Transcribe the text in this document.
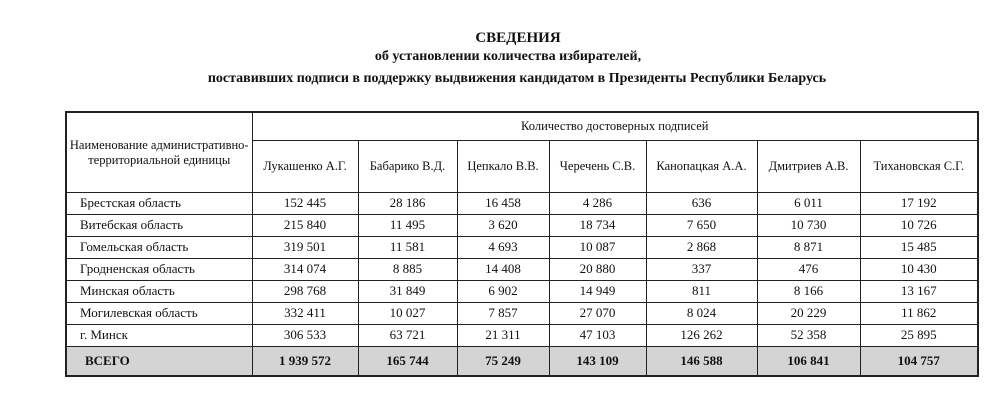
СВЕДЕНИЯ
об установлении количества избирателей,
поставивших подписи в поддержку выдвижения кандидатом в Президенты Республики Беларусь
Наименование административно-территориальной единицы	Количество достоверных подписей						
	Лукашенко А.Г.	Бабарико В.Д.	Цепкало В.В.	Черечень С.В.	Канопацкая А.А.	Дмитриев А.В.	Тихановская С.Г.
Брестская область	152 445	28 186	16 458	4 286	636	6 011	17 192
Витебская область	215 840	11 495	3 620	18 734	7 650	10 730	10 726
Гомельская область	319 501	11 581	4 693	10 087	2 868	8 871	15 485
Гродненская область	314 074	8 885	14 408	20 880	337	476	10 430
Минская область	298 768	31 849	6 902	14 949	811	8 166	13 167
Могилевская область	332 411	10 027	7 857	27 070	8 024	20 229	11 862
г. Минск	306 533	63 721	21 311	47 103	126 262	52 358	25 895
ВСЕГО	1 939 572	165 744	75 249	143 109	146 588	106 841	104 757
